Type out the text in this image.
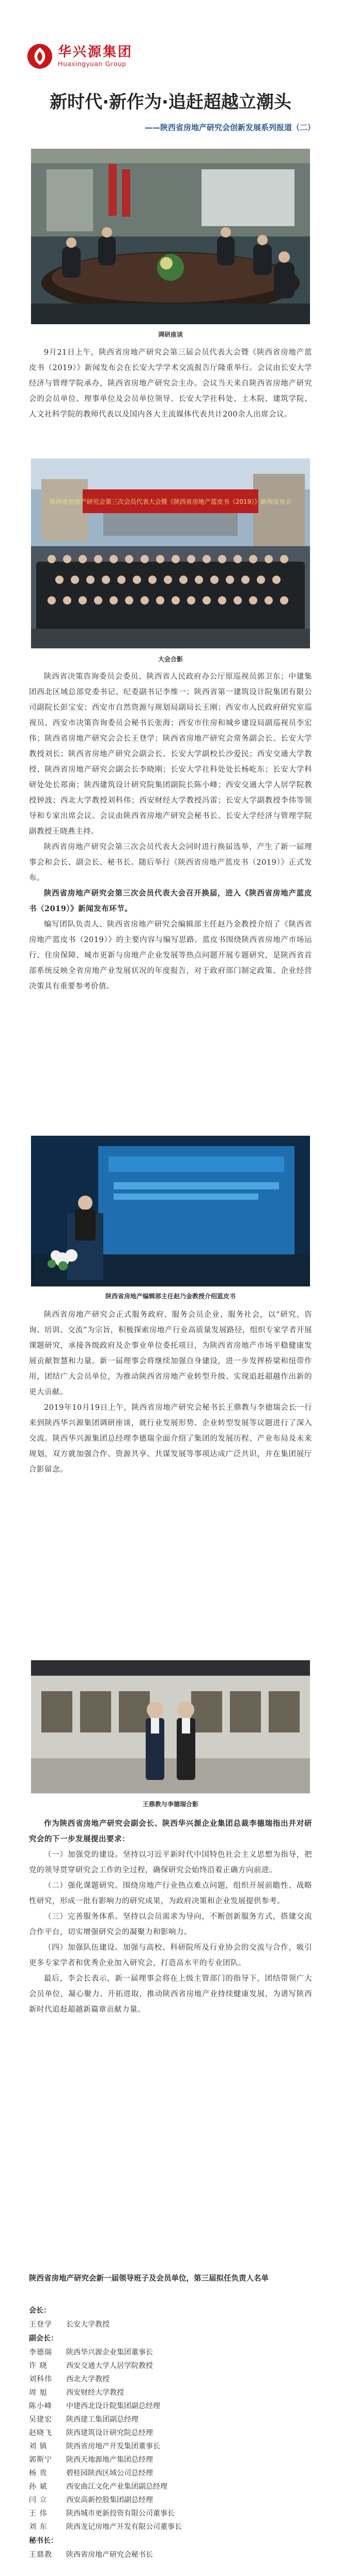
华兴源集团
Huaxingyuan Group
新时代·新作为·追赶超越立潮头
——陕西省房地产研究会创新发展系列报道（二）
调研座谈

9月21日上午，陕西省房地产研究会第三届会员代表大会暨《陕西省房地产蓝皮书（2019）》新闻发布会在长安大学学术交流报告厅隆重举行。会议由长安大学经济与管理学院承办，陕西省房地产研究会主办。会议当天来自陕西省房地产研究会的会员单位、理事单位及会员单位领导、长安大学社科处、土木院、建筑学院、人文社科学院的教师代表以及国内各大主流媒体代表共计200余人出席会议。

陕西省房地产研究会第三次会员代表大会暨《陕西省房地产蓝皮书（2019）》新闻发布会
大会合影

陕西省决策咨询委员会委员、陕西省人民政府办公厅原巡视员郭卫东；中建集团西北区域总部党委书记、纪委副书记李维一；陕西省第一建筑设计院集团有限公司副院长彭宝安；西安市自然资源与规划局副局长王刚；西安市人民政府研究室巡视员、西安市决策咨询委员会秘书长张海；西安市住房和城乡建设局副巡视员李宏伟；陕西省房地产研究会会长王登学；陕西省房地产研究会常务副会长、长安大学教授刘长；陕西省房地产研究会副会长、长安大学副校长沙爱民；西安交通大学教授、陕西省房地产研究会副会长李晓刚；长安大学社科处处长杨屹东；长安大学科研处处长郑南；陕西建筑设计研究院集团副院长陈小峰；西安交通大学人居学院教授钟波；西北大学教授刘科伟；西安财经大学教授冯雷；长安大学副教授李伟等领导和专家出席会议。会议由陕西省房地产研究会秘书长、长安大学经济与管理学院副教授王晓燕主持。

陕西省房地产研究会第三次会员代表大会同时进行换届选举，产生了新一届理事会和会长、副会长、秘书长。随后举行《陕西省房地产蓝皮书（2019）》正式发布。

陕西省房地产研究会第三次会员代表大会召开换届，进入《陕西省房地产蓝皮书（2019）》新闻发布环节。

编写团队负责人、陕西省房地产研究会编辑部主任赵乃金教授介绍了《陕西省房地产蓝皮书（2019）》的主要内容与编写思路。蓝皮书围绕陕西省房地产市场运行、住房保障、城市更新与房地产企业发展等热点问题开展专题研究，是陕西省首部系统反映全省房地产业发展状况的年度报告，对于政府部门制定政策、企业经营决策具有重要参考价值。

陕西省房地产编辑部主任赵乃金教授介绍蓝皮书

陕西省房地产研究会正式服务政府、服务会员企业、服务社会，以“研究、咨询、培训、交流”为宗旨，积极探索房地产行业高质量发展路径，组织专家学者开展课题研究，承接各级政府及企事业单位委托项目，为陕西省房地产市场平稳健康发展贡献智慧和力量。新一届理事会将继续加强自身建设，进一步发挥桥梁和纽带作用，团结广大会员单位，为推动陕西省房地产业转型升级、实现追赶超越作出新的更大贡献。

2019年10月19日上午，陕西省房地产研究会秘书长王鼎教与李德瑞会长一行来到陕西华兴源集团调研座谈，就行业发展形势、企业转型发展等议题进行了深入交流。陕西华兴源集团总经理李德瑞全面介绍了集团的发展历程、产业布局及未来规划，双方就加强合作、资源共享、共谋发展等事项达成广泛共识，并在集团展厅合影留念。

王鼎教与李德瑞合影

作为陕西省房地产研究会副会长、陕西华兴源企业集团总裁李德瑞指出并对研究会的下一步发展提出要求：

（一）加强党的建设。坚持以习近平新时代中国特色社会主义思想为指导，把党的领导贯穿研究会工作的全过程，确保研究会始终沿着正确方向前进。

（二）强化课题研究。围绕房地产行业热点难点问题，组织开展前瞻性、战略性研究，形成一批有影响力的研究成果，为政府决策和企业发展提供参考。

（三）完善服务体系。坚持以会员需求为导向，不断创新服务方式，搭建交流合作平台，切实增强研究会的凝聚力和影响力。

（四）加强队伍建设。加强与高校、科研院所及行业协会的交流与合作，吸引更多专家学者和优秀企业加入研究会，打造高水平的专业团队。

最后，李会长表示，新一届理事会将在上级主管部门的指导下，团结带领广大会员单位，凝心聚力、开拓进取，推动陕西省房地产业持续健康发展，为谱写陕西新时代追赶超越新篇章贡献力量。

陕西省房地产研究会新一届领导班子及会员单位，第三届拟任负责人名单
会长：
王登学	长安大学教授
副会长：
李德瑞	陕西华兴源企业集团董事长
许 晓	西安交通大学人居学院教授
刘科伟	西北大学教授
周 旭	西安财经大学教授
陈小峰	中建西北设计院集团副总经理
吴建宏	陕西建工集团副总经理
赵晓飞	陕西建筑设计研究院总经理
刘 镇	陕西省房地产开发集团董事长
郭斯宁	陕西天地源地产集团总经理
杨 贵	碧桂园陕西区域公司总经理
孙 斌	西安曲江文化产业集团副总经理
闫 立	西安高新控股集团副总经理
王 伟	陕西城市更新投资有限公司董事长
刘 东	陕西龙记房地产开发有限公司董事长
秘书长：
王鼎教	陕西省房地产研究会秘书长
